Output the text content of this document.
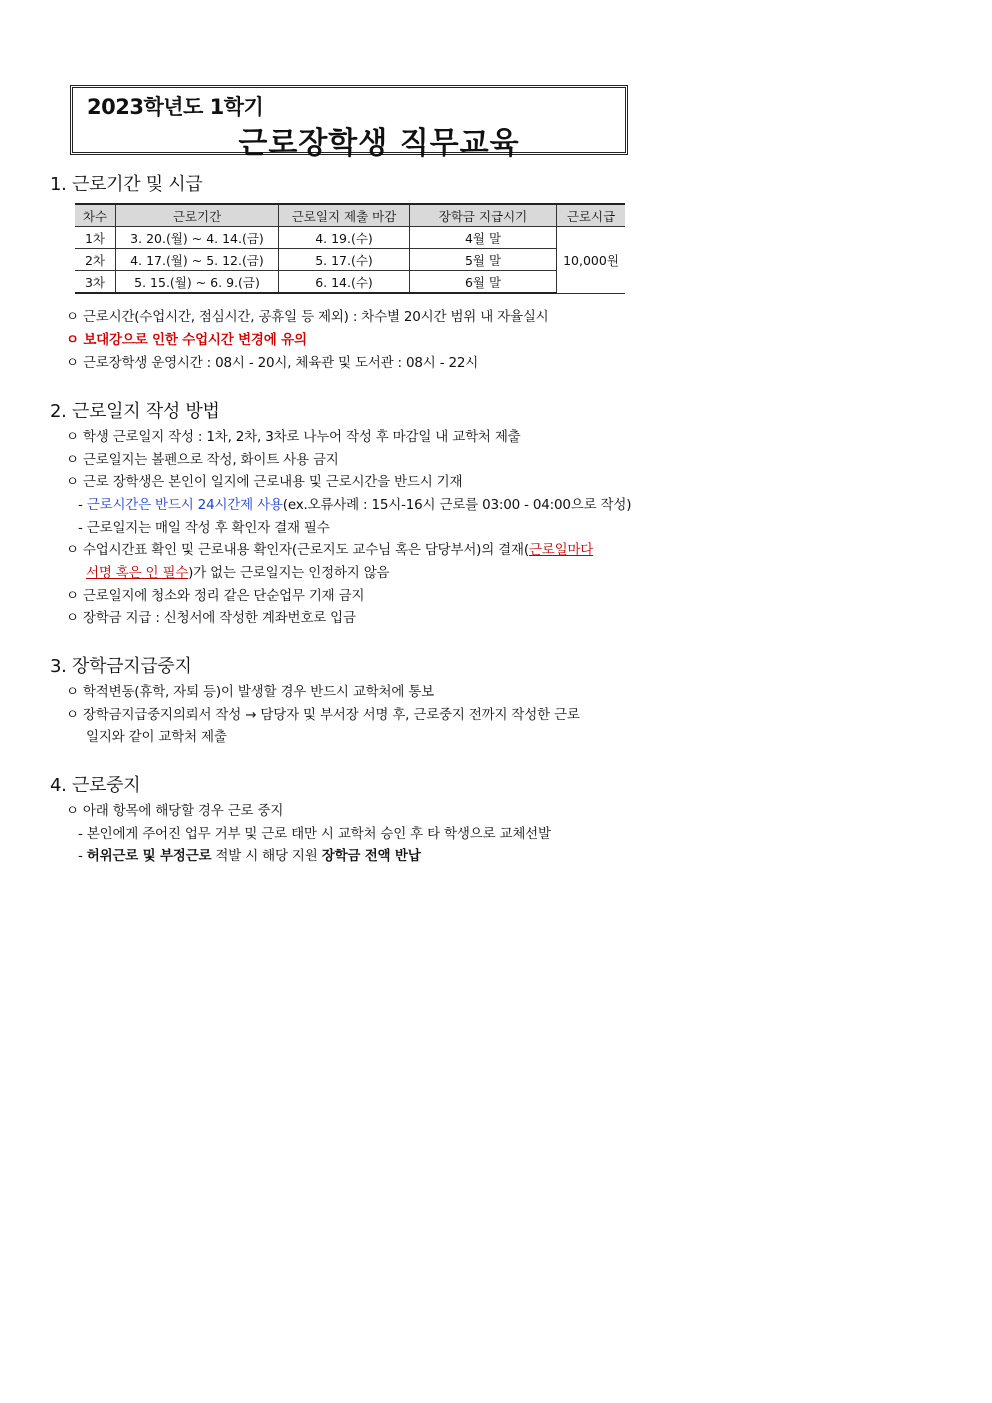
2023학년도 1학기
근로장학생 직무교육
1. 근로기간 및 시급
차수	근로기간	근로일지 제출 마감	장학금 지급시기	근로시급
1차	3. 20.(월) ~ 4. 14.(금)	4. 19.(수)	4월 말	10,000원
2차	4. 17.(월) ~ 5. 12.(금)	5. 17.(수)	5월 말	
3차	5. 15.(월) ~ 6. 9.(금)	6. 14.(수)	6월 말	
ㅇ 근로시간(수업시간, 점심시간, 공휴일 등 제외) : 차수별 20시간 범위 내 자율실시
ㅇ 보대강으로 인한 수업시간 변경에 유의
ㅇ 근로장학생 운영시간 : 08시 - 20시, 체육관 및 도서관 : 08시 - 22시
2. 근로일지 작성 방법
ㅇ 학생 근로일지 작성 : 1차, 2차, 3차로 나누어 작성 후 마감일 내 교학처 제출
ㅇ 근로일지는 볼펜으로 작성, 화이트 사용 금지
ㅇ 근로 장학생은 본인이 일지에 근로내용 및 근로시간을 반드시 기재
- 근로시간은 반드시 24시간제 사용(ex.오류사례 : 15시-16시 근로를 03:00 - 04:00으로 작성)
- 근로일지는 매일 작성 후 확인자 결재 필수
ㅇ 수업시간표 확인 및 근로내용 확인자(근로지도 교수님 혹은 담당부서)의 결재(근로일마다
서명 혹은 인 필수)가 없는 근로일지는 인정하지 않음
ㅇ 근로일지에 청소와 정리 같은 단순업무 기재 금지
ㅇ 장학금 지급 : 신청서에 작성한 계좌번호로 입금
3. 장학금지급중지
ㅇ 학적변동(휴학, 자퇴 등)이 발생할 경우 반드시 교학처에 통보
ㅇ 장학금지급중지의뢰서 작성 → 담당자 및 부서장 서명 후, 근로중지 전까지 작성한 근로
일지와 같이 교학처 제출
4. 근로중지
ㅇ 아래 항목에 해당할 경우 근로 중지
- 본인에게 주어진 업무 거부 및 근로 태만 시 교학처 승인 후 타 학생으로 교체선발
- 허위근로 및 부정근로 적발 시 해당 지원 장학금 전액 반납
